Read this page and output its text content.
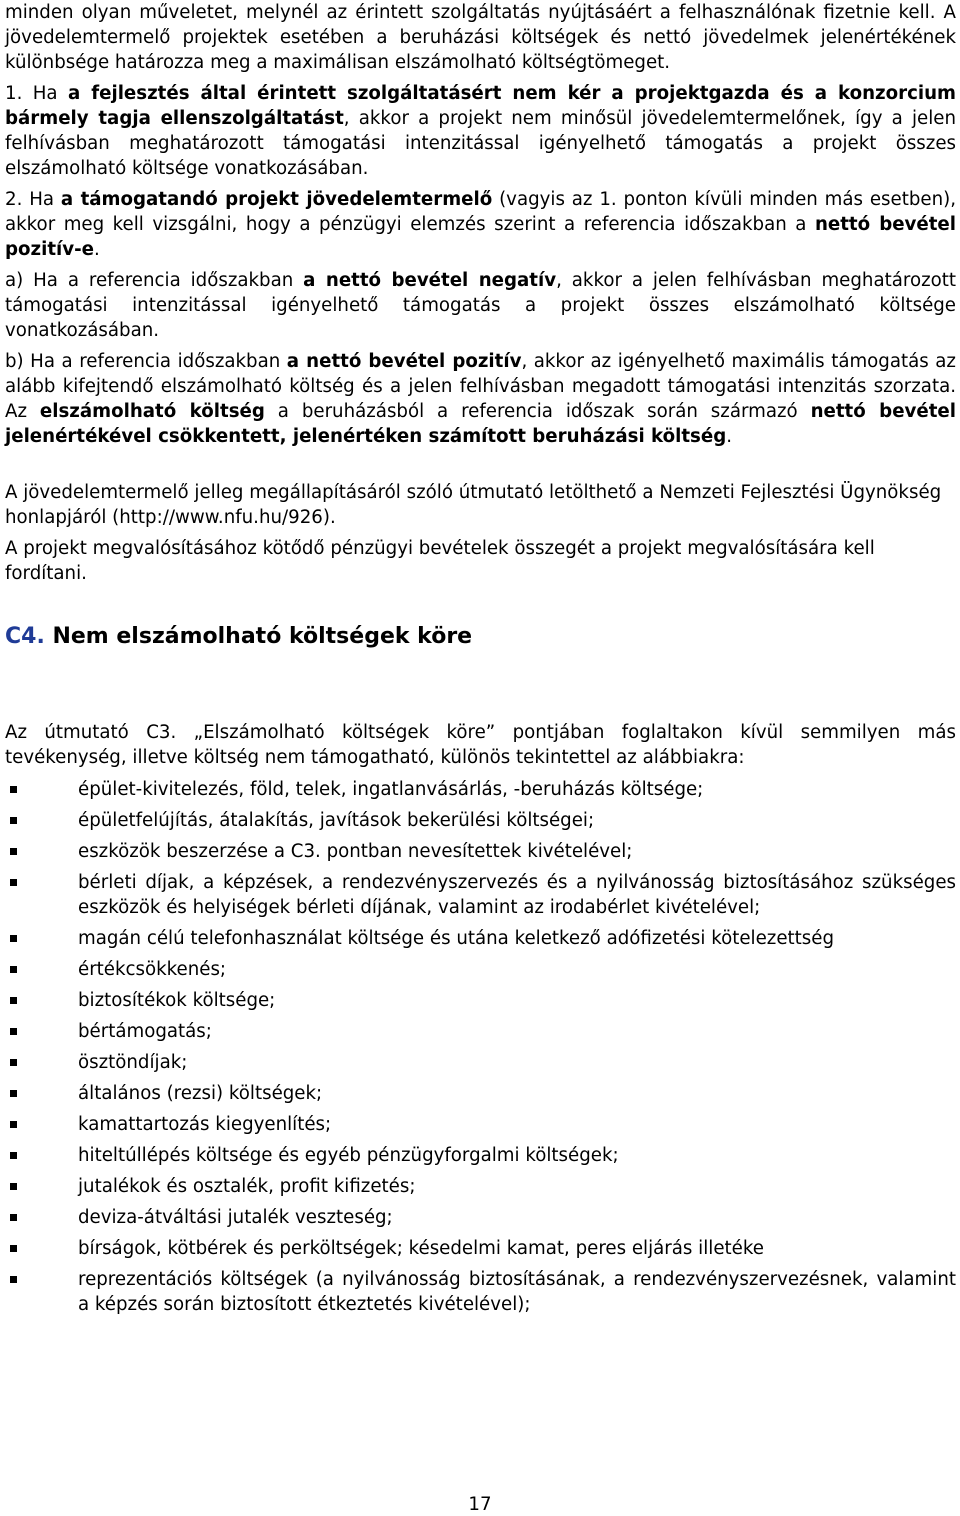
minden olyan műveletet, melynél az érintett szolgáltatás nyújtásáért a felhasználónak fizetnie kell. A jövedelemtermelő projektek esetében a beruházási költségek és nettó jövedelmek jelenértékének különbsége határozza meg a maximálisan elszámolható költségtömeget.

1. Ha a fejlesztés által érintett szolgáltatásért nem kér a projektgazda és a konzorcium bármely tagja ellenszolgáltatást, akkor a projekt nem minősül jövedelemtermelőnek, így a jelen felhívásban meghatározott támogatási intenzitással igényelhető támogatás a projekt összes elszámolható költsége vonatkozásában.

2. Ha a támogatandó projekt jövedelemtermelő (vagyis az 1. ponton kívüli minden más esetben), akkor meg kell vizsgálni, hogy a pénzügyi elemzés szerint a referencia időszakban a nettó bevétel pozitív-e.

a) Ha a referencia időszakban a nettó bevétel negatív, akkor a jelen felhívásban meghatározott támogatási intenzitással igényelhető támogatás a projekt összes elszámolható költsége vonatkozásában.

b) Ha a referencia időszakban a nettó bevétel pozitív, akkor az igényelhető maximális támogatás az alább kifejtendő elszámolható költség és a jelen felhívásban megadott támogatási intenzitás szorzata. Az elszámolható költség a beruházásból a referencia időszak során származó nettó bevétel jelenértékével csökkentett, jelenértéken számított beruházási költség.

A jövedelemtermelő jelleg megállapításáról szóló útmutató letölthető a Nemzeti Fejlesztési Ügynökség honlapjáról (http://www.nfu.hu/926).

A projekt megvalósításához kötődő pénzügyi bevételek összegét a projekt megvalósítására kell fordítani.

C4. Nem elszámolható költségek köre

Az útmutató C3. „Elszámolható költségek köre” pontjában foglaltakon kívül semmilyen más tevékenység, illetve költség nem támogatható, különös tekintettel az alábbiakra:

épület-kivitelezés, föld, telek, ingatlanvásárlás, -beruházás költsége;
épületfelújítás, átalakítás, javítások bekerülési költségei;
eszközök beszerzése a C3. pontban nevesítettek kivételével;
bérleti díjak, a képzések, a rendezvényszervezés és a nyilvánosság biztosításához szükséges eszközök és helyiségek bérleti díjának, valamint az irodabérlet kivételével;
magán célú telefonhasználat költsége és utána keletkező adófizetési kötelezettség
értékcsökkenés;
biztosítékok költsége;
bértámogatás;
ösztöndíjak;
általános (rezsi) költségek;
kamattartozás kiegyenlítés;
hiteltúllépés költsége és egyéb pénzügyforgalmi költségek;
jutalékok és osztalék, profit kifizetés;
deviza-átváltási jutalék veszteség;
bírságok, kötbérek és perköltségek; késedelmi kamat, peres eljárás illetéke
reprezentációs költségek (a nyilvánosság biztosításának, a rendezvényszervezésnek, valamint a képzés során biztosított étkeztetés kivételével);
17
